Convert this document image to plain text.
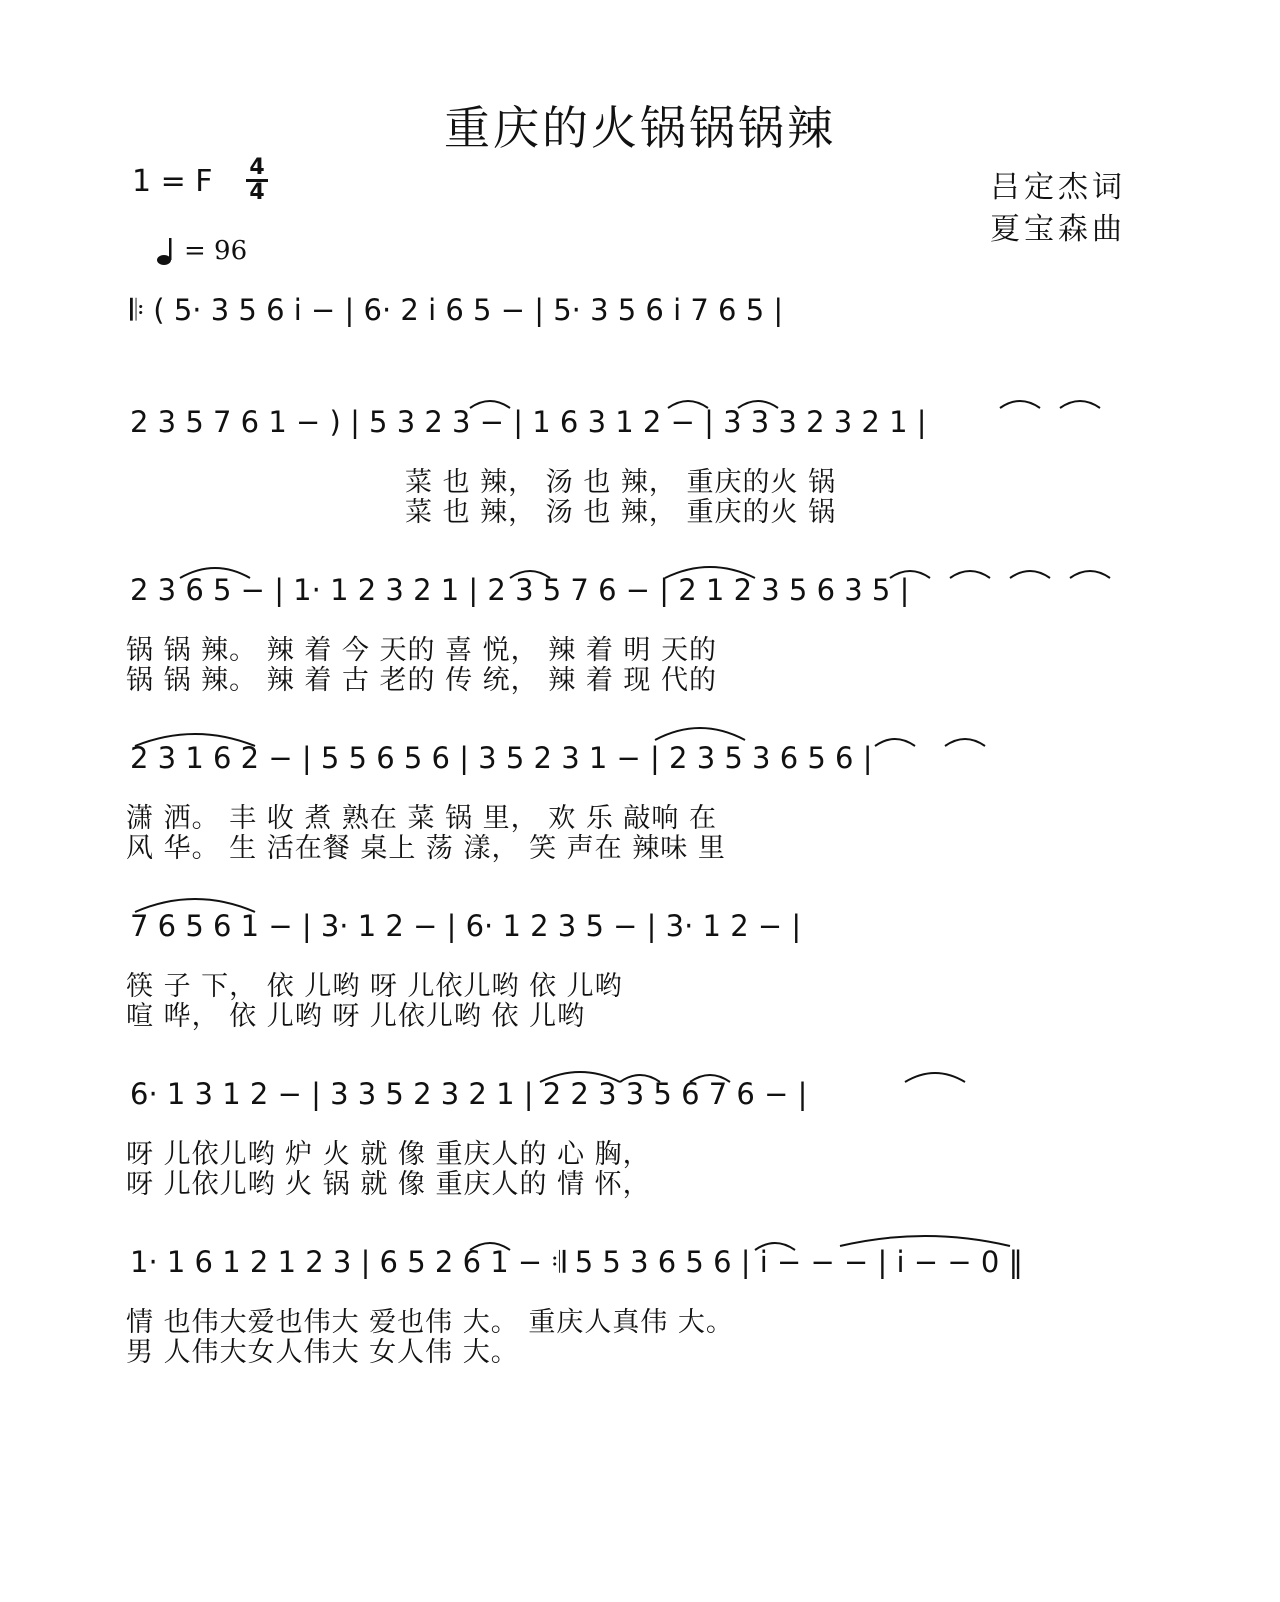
重庆的火锅锅锅辣
1 = F 4
4	吕定杰词
夏宝森曲
= 96
𝄆 ( 5· 3 5 6 i − | 6· 2 i 6 5 − | 5· 3 5 6 i 7 6 5 |
2 3 5 7 6 1 − ) | 5 3 2 3 − | 1 6 3 1 2 − | 3 3 3 2 3 2 1 |
2 3 6 5 − | 1· 1 2 3 2 1 | 2 3 5 7 6 − | 2 1 2 3 5 6 3 5 |
2 3 1 6 2 − | 5 5 6 5 6 | 3 5 2 3 1 − | 2 3 5 3 6 5 6 |
7 6 5 6 1 − | 3· 1 2 − | 6· 1 2 3 5 − | 3· 1 2 − |
6· 1 3 1 2 − | 3 3 5 2 3 2 1 | 2 2 3 3 5 6 7 6 − |
1· 1 6 1 2 1 2 3 | 6 5 2 6 1 − 𝄇 5 5 3 6 5 6 | i − − − | i − − 0 ‖
菜 也 辣， 汤 也 辣， 重庆的火 锅
菜 也 辣， 汤 也 辣， 重庆的火 锅
锅 锅 辣。 辣 着 今 天的 喜 悦， 辣 着 明 天的
锅 锅 辣。 辣 着 古 老的 传 统， 辣 着 现 代的
潇 洒。 丰 收 煮 熟在 菜 锅 里， 欢 乐 敲响 在
风 华。 生 活在餐 桌上 荡 漾， 笑 声在 辣味 里
筷 子 下， 依 儿哟 呀 儿依儿哟 依 儿哟
喧 哗， 依 儿哟 呀 儿依儿哟 依 儿哟
呀 儿依儿哟 炉 火 就 像 重庆人的 心 胸，
呀 儿依儿哟 火 锅 就 像 重庆人的 情 怀，
情 也伟大爱也伟大 爱也伟 大。 重庆人真伟 大。
男 人伟大女人伟大 女人伟 大。
